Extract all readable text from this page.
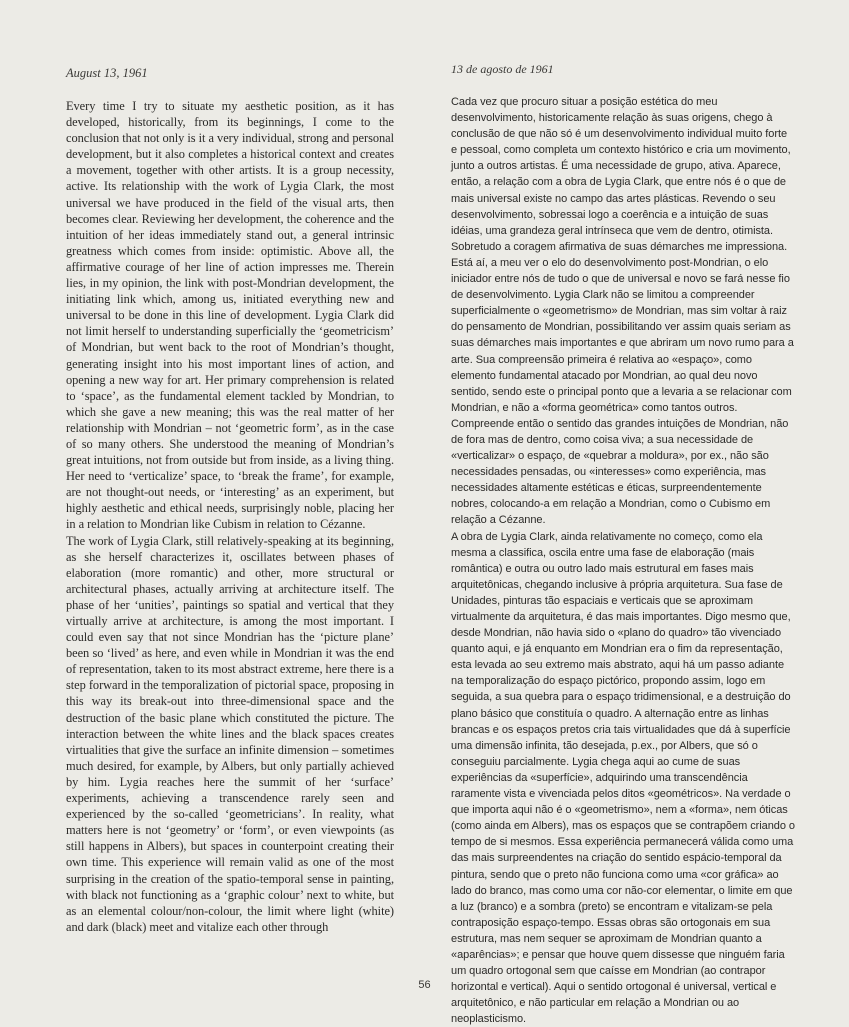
August 13, 1961

Every time I try to situate my aesthetic position, as it has developed, historically, from its beginnings, I come to the conclusion that not only is it a very individual, strong and personal development, but it also completes a historical context and creates a movement, together with other artists. It is a group necessity, active. Its relationship with the work of Lygia Clark, the most universal we have produced in the field of the visual arts, then becomes clear. Reviewing her development, the coherence and the intuition of her ideas immediately stand out, a general intrinsic greatness which comes from inside: optimistic. Above all, the affirmative courage of her line of action impresses me. Therein lies, in my opinion, the link with post-Mondrian development, the initiating link which, among us, initiated everything new and universal to be done in this line of development. Lygia Clark did not limit herself to understanding superficially the ‘geometricism’ of Mondrian, but went back to the root of Mondrian’s thought, generating insight into his most important lines of action, and opening a new way for art. Her primary comprehension is related to ‘space’, as the fundamental element tackled by Mondrian, to which she gave a new meaning; this was the real matter of her relationship with Mondrian – not ‘geometric form’, as in the case of so many others. She understood the meaning of Mondrian’s great intuitions, not from outside but from inside, as a living thing. Her need to ‘verticalize’ space, to ‘break the frame’, for example, are not thought-out needs, or ‘interesting’ as an experiment, but highly aesthetic and ethical needs, surprisingly noble, placing her in a relation to Mondrian like Cubism in relation to Cézanne.

The work of Lygia Clark, still relatively-speaking at its beginning, as she herself characterizes it, oscillates between phases of elaboration (more romantic) and other, more structural or architectural phases, actually arriving at architecture itself. The phase of her ‘unities’, paintings so spatial and vertical that they virtually arrive at architecture, is among the most important. I could even say that not since Mondrian has the ‘picture plane’ been so ‘lived’ as here, and even while in Mondrian it was the end of representation, taken to its most abstract extreme, here there is a step forward in the temporalization of pictorial space, proposing in this way its break-out into three-dimensional space and the destruction of the basic plane which constituted the picture. The interaction between the white lines and the black spaces creates virtualities that give the surface an infinite dimension – sometimes much desired, for example, by Albers, but only partially achieved by him. Lygia reaches here the summit of her ‘surface’ experiments, achieving a transcendence rarely seen and experienced by the so-called ‘geometricians’. In reality, what matters here is not ‘geometry’ or ‘form’, or even viewpoints (as still happens in Albers), but spaces in counterpoint creating their own time. This experience will remain valid as one of the most surprising in the creation of the spatio-temporal sense in painting, with black not functioning as a ‘graphic colour’ next to white, but as an elemental colour/non-colour, the limit where light (white) and dark (black) meet and vitalize each other through

13 de agosto de 1961

Cada vez que procuro situar a posição estética do meu desenvolvimento, historicamente relação às suas origens, chego à conclusão de que não só é um desenvolvimento individual muito forte e pessoal, como completa um contexto histórico e cria um movimento, junto a outros artistas. É uma necessidade de grupo, ativa. Aparece, então, a relação com a obra de Lygia Clark, que entre nós é o que de mais universal existe no campo das artes plásticas. Revendo o seu desenvolvimento, sobressai logo a coerência e a intuição de suas idéias, uma grandeza geral intrínseca que vem de dentro, otimista. Sobretudo a coragem afirmativa de suas démarches me impressiona. Está aí, a meu ver o elo do desenvolvimento post-Mondrian, o elo iniciador entre nós de tudo o que de universal e novo se fará nesse fio de desenvolvimento. Lygia Clark não se limitou a compreender superficialmente o «geometrismo» de Mondrian, mas sim voltar à raiz do pensamento de Mondrian, possibilitando ver assim quais seriam as suas démarches mais importantes e que abriram um novo rumo para a arte. Sua compreensão primeira é relativa ao «espaço», como elemento fundamental atacado por Mondrian, ao qual deu novo sentido, sendo este o principal ponto que a levaria a se relacionar com Mondrian, e não a «forma geométrica» como tantos outros. Compreende então o sentido das grandes intuições de Mondrian, não de fora mas de dentro, como coisa viva; a sua necessidade de «verticalizar» o espaço, de «quebrar a moldura», por ex., não são necessidades pensadas, ou «interesses» como experiência, mas necessidades altamente estéticas e éticas, surpreendentemente nobres, colocando-a em relação a Mondrian, como o Cubismo em relação a Cézanne.

A obra de Lygia Clark, ainda relativamente no começo, como ela mesma a classifica, oscila entre uma fase de elaboração (mais romântica) e outra ou outro lado mais estrutural em fases mais arquitetônicas, chegando inclusive à própria arquitetura. Sua fase de Unidades, pinturas tão espaciais e verticais que se aproximam virtualmente da arquitetura, é das mais importantes. Digo mesmo que, desde Mondrian, não havia sido o «plano do quadro» tão vivenciado quanto aqui, e já enquanto em Mondrian era o fim da representação, esta levada ao seu extremo mais abstrato, aqui há um passo adiante na temporalização do espaço pictórico, propondo assim, logo em seguida, a sua quebra para o espaço tridimensional, e a destruição do plano básico que constituía o quadro. A alternação entre as linhas brancas e os espaços pretos cria tais virtualidades que dá à superfície uma dimensão infinita, tão desejada, p.ex., por Albers, que só o conseguiu parcialmente. Lygia chega aqui ao cume de suas experiências da «superfície», adquirindo uma transcendência raramente vista e vivenciada pelos ditos «geométricos». Na verdade o que importa aqui não é o «geometrismo», nem a «forma», nem óticas (como ainda em Albers), mas os espaços que se contrapõem criando o tempo de si mesmos. Essa experiência permanecerá válida como uma das mais surpreendentes na criação do sentido espácio-temporal da pintura, sendo que o preto não funciona como uma «cor gráfica» ao lado do branco, mas como uma cor não-cor elementar, o limite em que a luz (branco) e a sombra (preto) se encontram e vitalizam-se pela contraposição espaço-tempo. Essas obras são ortogonais em sua estrutura, mas nem sequer se aproximam de Mondrian quanto a «aparências»; e pensar que houve quem dissesse que ninguém faria um quadro ortogonal sem que caísse em Mondrian (ao contrapor horizontal e vertical). Aqui o sentido ortogonal é universal, vertical e arquitetônico, e não particular em relação a Mondrian ou ao neoplasticismo.

56
